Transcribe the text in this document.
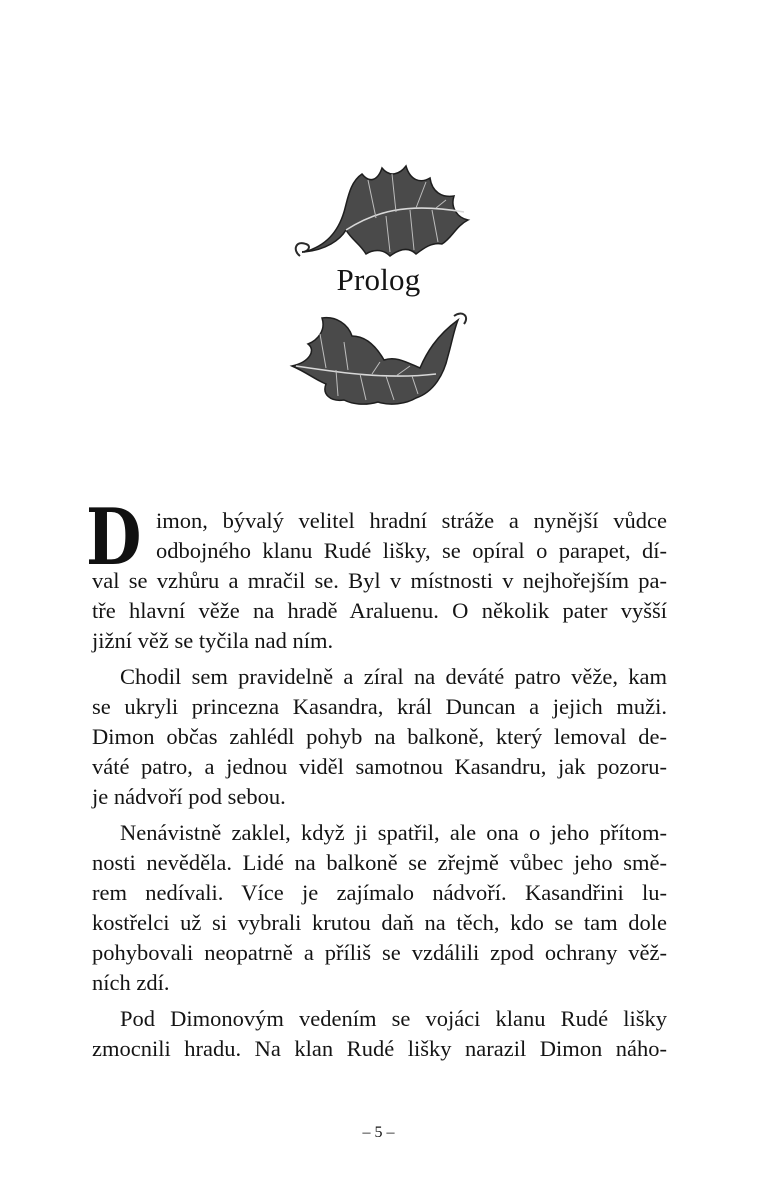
Prolog
D imon, bývalý velitel hradní stráže a nynější vůdce
odbojného klanu Rudé lišky, se opíral o parapet, dí-
val se vzhůru a mračil se. Byl v místnosti v nejhořejším pa-
tře hlavní věže na hradě Araluenu. O několik pater vyšší
jižní věž se tyčila nad ním.
Chodil sem pravidelně a zíral na deváté patro věže, kam
se ukryli princezna Kasandra, král Duncan a jejich muži.
Dimon občas zahlédl pohyb na balkoně, který lemoval de-
váté patro, a jednou viděl samotnou Kasandru, jak pozoru-
je nádvoří pod sebou.
Nenávistně zaklel, když ji spatřil, ale ona o jeho přítom-
nosti nevěděla. Lidé na balkoně se zřejmě vůbec jeho smě-
rem nedívali. Více je zajímalo nádvoří. Kasandřini lu-
kostřelci už si vybrali krutou daň na těch, kdo se tam dole
pohybovali neopatrně a příliš se vzdálili zpod ochrany věž-
ních zdí.
Pod Dimonovým vedením se vojáci klanu Rudé lišky
zmocnili hradu. Na klan Rudé lišky narazil Dimon náho-
– 5 –
